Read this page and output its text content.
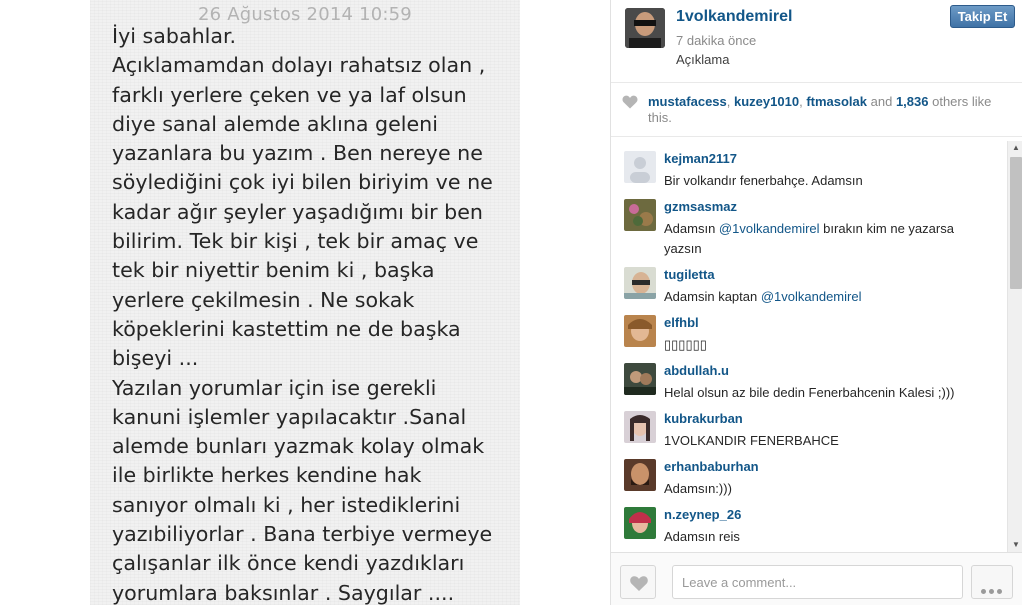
26 Ağustos 2014 10:59
İyi sabahlar.
Açıklamamdan dolayı rahatsız olan ,
farklı yerlere çeken ve ya laf olsun
diye sanal alemde aklına geleni
yazanlara bu yazım . Ben nereye ne
söylediğini çok iyi bilen biriyim ve ne
kadar ağır şeyler yaşadığımı bir ben
bilirim. Tek bir kişi , tek bir amaç ve
tek bir niyettir benim ki , başka
yerlere çekilmesin . Ne sokak
köpeklerini kastettim ne de başka
bişeyi ...
Yazılan yorumlar için ise gerekli
kanuni işlemler yapılacaktır .Sanal
alemde bunları yazmak kolay olmak
ile birlikte herkes kendine hak
sanıyor olmalı ki , her istediklerini
yazıbiliyorlar . Bana terbiye vermeye
çalışanlar ilk önce kendi yazdıkları
yorumlara baksınlar . Saygılar ....
1volkandemirel
7 dakika önce
Açıklama
Takip Et
mustafacess, kuzey1010, ftmasolak and 1,836 others like this.
kejman2117
Bir volkandır fenerbahçe. Adamsın
gzmsasmaz
Adamsın @1volkandemirel bırakın kim ne yazarsa yazsın
tugiletta
Adamsin kaptan @1volkandemirel
elfhbl
▯▯▯▯▯▯
abdullah.u
Helal olsun az bile dedin Fenerbahcenin Kalesi ;)))
kubrakurban
1VOLKANDIR FENERBAHCE
erhanbaburhan
Adamsın:)))
n.zeynep_26
Adamsın reis
▲
▼
Leave a comment...
